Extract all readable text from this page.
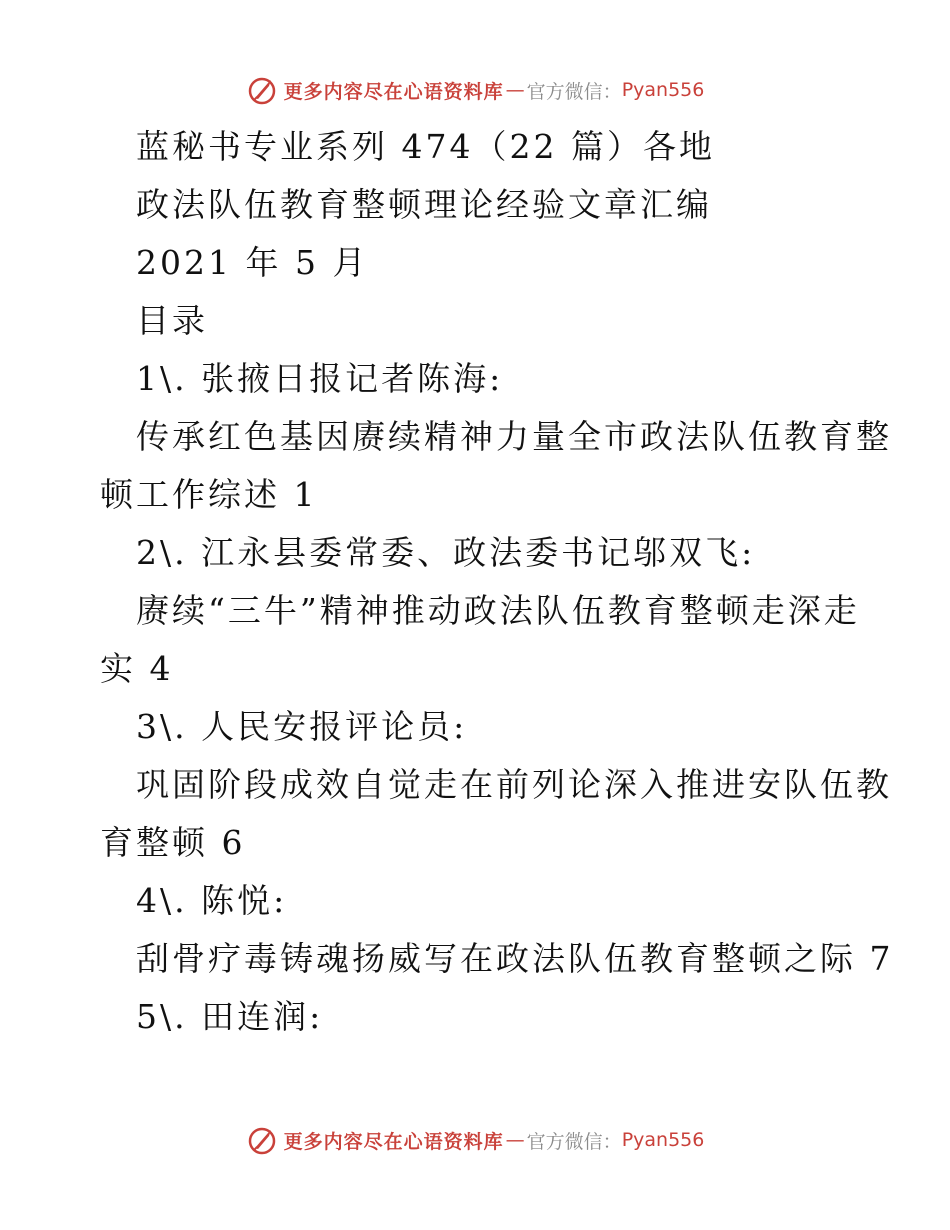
更多内容尽在心语资料库 — 官方微信： Pyan556

蓝秘书专业系列 474（22 篇）各地

政法队伍教育整顿理论经验文章汇编

2021 年 5 月

目录

1\. 张掖日报记者陈海:

传承红色基因赓续精神力量全市政法队伍教育整

顿工作综述 1

2\. 江永县委常委、政法委书记邬双飞:

赓续“三牛”精神推动政法队伍教育整顿走深走

实 4

3\. 人民安报评论员:

巩固阶段成效自觉走在前列论深入推进安队伍教

育整顿 6

4\. 陈悦:

刮骨疗毒铸魂扬威写在政法队伍教育整顿之际 7

5\. 田连润:

更多内容尽在心语资料库 — 官方微信： Pyan556
